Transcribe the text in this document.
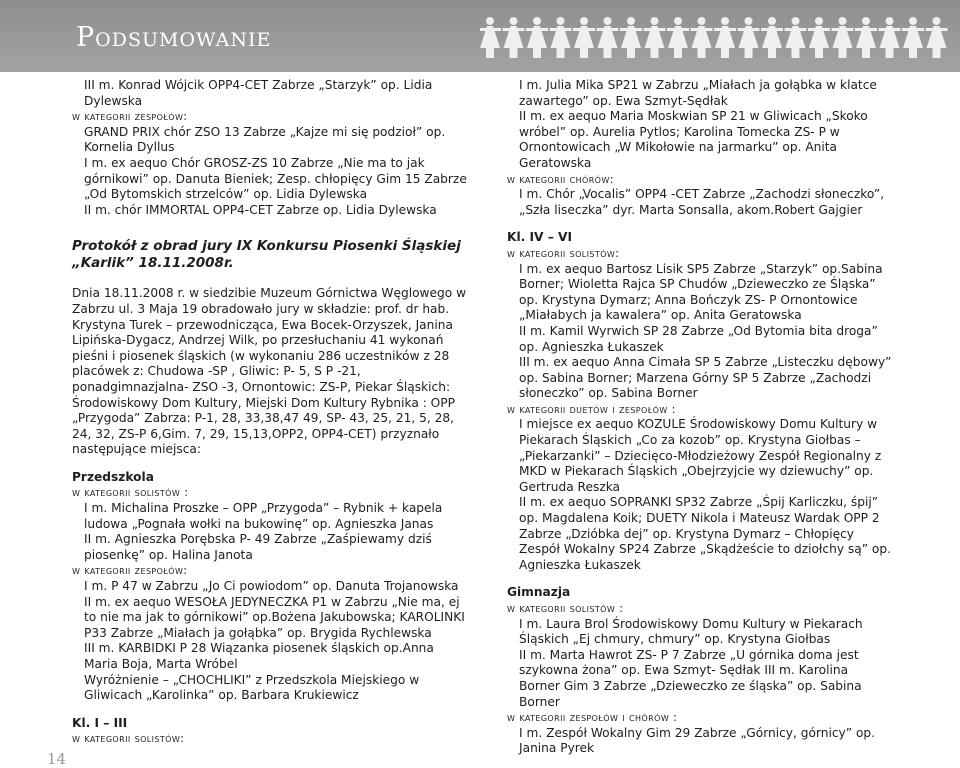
Podsumowanie

III m. Konrad Wójcik OPP4-CET Zabrze „Starzyk” op. Lidia Dylewska

w kategorii zespołów:

GRAND PRIX chór ZSO 13 Zabrze „Kajze mi się podzioł” op. Kornelia Dyllus

I m. ex aequo Chór GROSZ-ZS 10 Zabrze „Nie ma to jak górnikowi” op. Danuta Bieniek; Zesp. chłopięcy Gim 15 Zabrze „Od Bytomskich strzelców” op. Lidia Dylewska

II m. chór IMMORTAL OPP4-CET Zabrze op. Lidia Dylewska

Protokół z obrad jury IX Konkursu Piosenki Śląskiej „Karlik” 18.11.2008r.

Dnia 18.11.2008 r. w siedzibie Muzeum Górnictwa Węglowego w Zabrzu ul. 3 Maja 19 obradowało jury w składzie: prof. dr hab. Krystyna Turek – przewodnicząca, Ewa Bocek-Orzyszek, Janina Lipińska-Dygacz, Andrzej Wilk, po przesłuchaniu 41 wykonań pieśni i piosenek śląskich (w wykonaniu 286 uczestników z 28 placówek z: Chudowa -SP , Gliwic: P- 5, S P -21, ponadgimnazjalna- ZSO -3, Ornontowic: ZS-P, Piekar Śląskich: Środowiskowy Dom Kultury, Miejski Dom Kultury Rybnika : OPP „Przygoda” Zabrza: P-1, 28, 33,38,47 49, SP- 43, 25, 21, 5, 28, 24, 32, ZS-P 6,Gim. 7, 29, 15,13,OPP2, OPP4-CET) przyznało następujące miejsca:

Przedszkola

w kategorii solistów :

I m. Michalina Proszke – OPP „Przygoda” – Rybnik + kapela ludowa „Pognała wołki na bukowinę” op. Agnieszka Janas

II m. Agnieszka Porębska P- 49 Zabrze „Zaśpiewamy dziś piosenkę” op. Halina Janota

w kategorii zespołów:

I m. P 47 w Zabrzu „Jo Ci powiodom” op. Danuta Trojanowska

II m. ex aequo WESOŁA JEDYNECZKA P1 w Zabrzu „Nie ma, ej to nie ma jak to górnikowi” op.Bożena Jakubowska; KAROLINKI P33 Zabrze „Miałach ja gołąbka” op. Brygida Rychlewska

III m. KARBIDKI P 28 Wiązanka piosenek śląskich op.Anna Maria Boja, Marta Wróbel

Wyróżnienie – „CHOCHLIKI” z Przedszkola Miejskiego w Gliwicach „Karolinka” op. Barbara Krukiewicz

Kl. I – III

w kategorii solistów:

I m. Julia Mika SP21 w Zabrzu „Miałach ja gołąbka w klatce zawartego” op. Ewa Szmyt-Sędłak

II m. ex aequo Maria Moskwian SP 21 w Gliwicach „Skoko wróbel” op. Aurelia Pytlos; Karolina Tomecka ZS- P w Ornontowicach „W Mikołowie na jarmarku” op. Anita Geratowska

w kategorii chórów:

I m. Chór „Vocalis” OPP4 -CET Zabrze „Zachodzi słoneczko”, „Szła liseczka” dyr. Marta Sonsalla, akom.Robert Gajgier

Kl. IV – VI

w kategorii solistów:

I m. ex aequo Bartosz Lisik SP5 Zabrze „Starzyk” op.Sabina Borner; Wioletta Rajca SP Chudów „Dzieweczko ze Śląska” op. Krystyna Dymarz; Anna Bończyk ZS- P Ornontowice „Miałabych ja kawalera” op. Anita Geratowska

II m. Kamil Wyrwich SP 28 Zabrze „Od Bytomia bita droga” op. Agnieszka Łukaszek

III m. ex aequo Anna Cimała SP 5 Zabrze „Listeczku dębowy” op. Sabina Borner; Marzena Górny SP 5 Zabrze „Zachodzi słoneczko” op. Sabina Borner

w kategorii duetów i zespołów :

I miejsce ex aequo KOZULE Środowiskowy Domu Kultury w Piekarach Śląskich „Co za kozob” op. Krystyna Giołbas – „Piekarzanki” – Dziecięco-Młodzieżowy Zespół Regionalny z MKD w Piekarach Śląskich „Obejrzyjcie wy dziewuchy” op. Gertruda Reszka

II m. ex aequo SOPRANKI SP32 Zabrze „Śpij Karliczku, śpij” op. Magdalena Koik; DUETY Nikola i Mateusz Wardak OPP 2 Zabrze „Dzióbka dej” op. Krystyna Dymarz – Chłopięcy Zespół Wokalny SP24 Zabrze „Skądżeście to dziołchy są” op. Agnieszka Łukaszek

Gimnazja

w kategorii solistów :

I m. Laura Brol Środowiskowy Domu Kultury w Piekarach Śląskich „Ej chmury, chmury” op. Krystyna Giołbas

II m. Marta Hawrot ZS- P 7 Zabrze „U górnika doma jest szykowna żona” op. Ewa Szmyt- Sędłak III m. Karolina Borner Gim 3 Zabrze „Dzieweczko ze śląska” op. Sabina Borner

w kategorii zespołów i chórów :

I m. Zespół Wokalny Gim 29 Zabrze „Górnicy, górnicy” op. Janina Pyrek

14
